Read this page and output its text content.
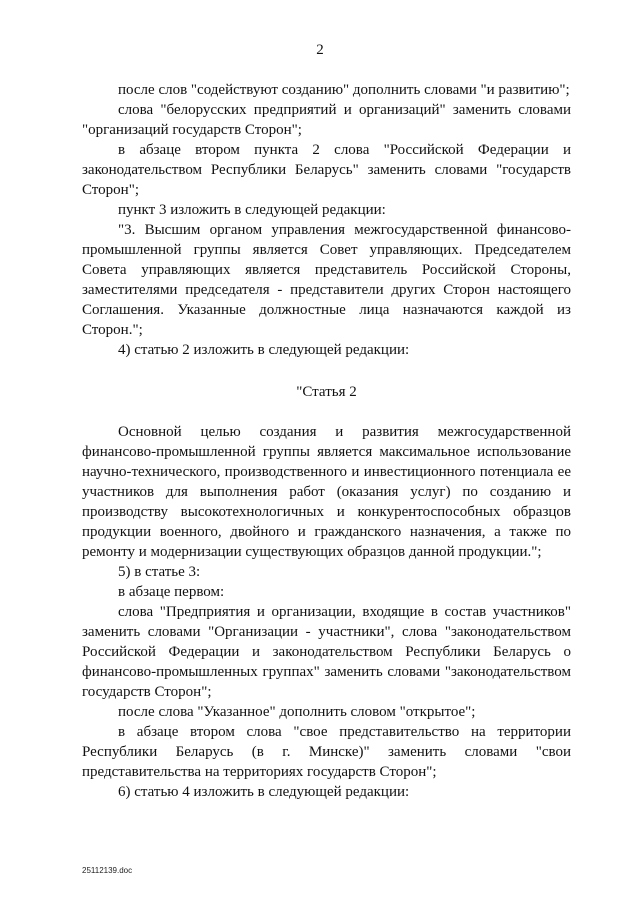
2

после слов "содействуют созданию" дополнить словами "и развитию";

слова "белорусских предприятий и организаций" заменить словами "организаций государств Сторон";

в абзаце втором пункта 2 слова "Российской Федерации и законодательством Республики Беларусь" заменить словами "государств Сторон";

пункт 3 изложить в следующей редакции:

"3. Высшим органом управления межгосударственной финансово-промышленной группы является Совет управляющих. Председателем Совета управляющих является представитель Российской Стороны, заместителями председателя - представители других Сторон настоящего Соглашения. Указанные должностные лица назначаются каждой из Сторон.";

4) статью 2 изложить в следующей редакции:

"Статья 2

Основной целью создания и развития межгосударственной финансово-промышленной группы является максимальное использование научно-технического, производственного и инвестиционного потенциала ее участников для выполнения работ (оказания услуг) по созданию и производству высокотехнологичных и конкурентоспособных образцов продукции военного, двойного и гражданского назначения, а также по ремонту и модернизации существующих образцов данной продукции.";

5) в статье 3:

в абзаце первом:

слова "Предприятия и организации, входящие в состав участников" заменить словами "Организации - участники", слова "законодательством Российской Федерации и законодательством Республики Беларусь о финансово-промышленных группах" заменить словами "законодательством государств Сторон";

после слова "Указанное" дополнить словом "открытое";

в абзаце втором слова "свое представительство на территории Республики Беларусь (в г. Минске)" заменить словами "свои представительства на территориях государств Сторон";

6) статью 4 изложить в следующей редакции:

25112139.doc
